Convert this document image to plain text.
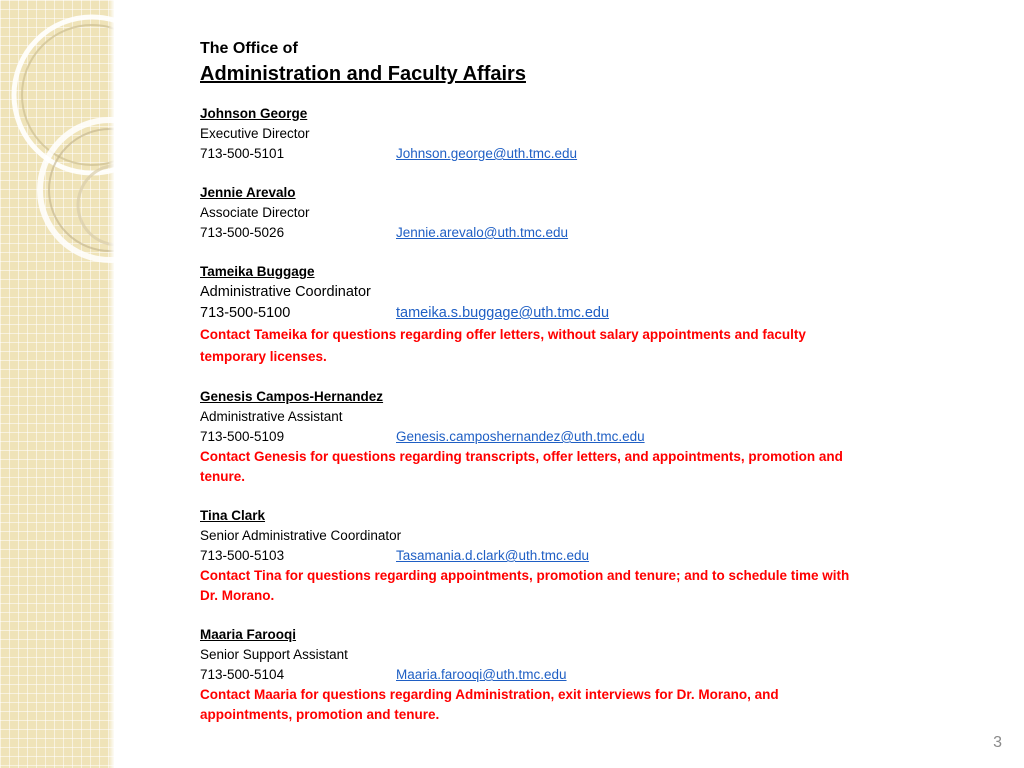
The Office of
Administration and Faculty Affairs
Johnson George
Executive Director
713-500-5101	Johnson.george@uth.tmc.edu
Jennie Arevalo
Associate Director
713-500-5026	Jennie.arevalo@uth.tmc.edu
Tameika Buggage
Administrative Coordinator
713-500-5100	tameika.s.buggage@uth.tmc.edu
Contact Tameika for questions regarding offer letters, without salary appointments and faculty temporary licenses.
Genesis Campos-Hernandez
Administrative Assistant
713-500-5109	Genesis.camposhernandez@uth.tmc.edu
Contact Genesis for questions regarding transcripts, offer letters, and appointments, promotion and tenure.
Tina Clark
Senior Administrative Coordinator
713-500-5103	Tasamania.d.clark@uth.tmc.edu
Contact Tina for questions regarding appointments, promotion and tenure; and to schedule time with Dr. Morano.
Maaria Farooqi
Senior Support Assistant
713-500-5104	Maaria.farooqi@uth.tmc.edu
Contact Maaria for questions regarding Administration, exit interviews for Dr. Morano, and appointments, promotion and tenure.
3
